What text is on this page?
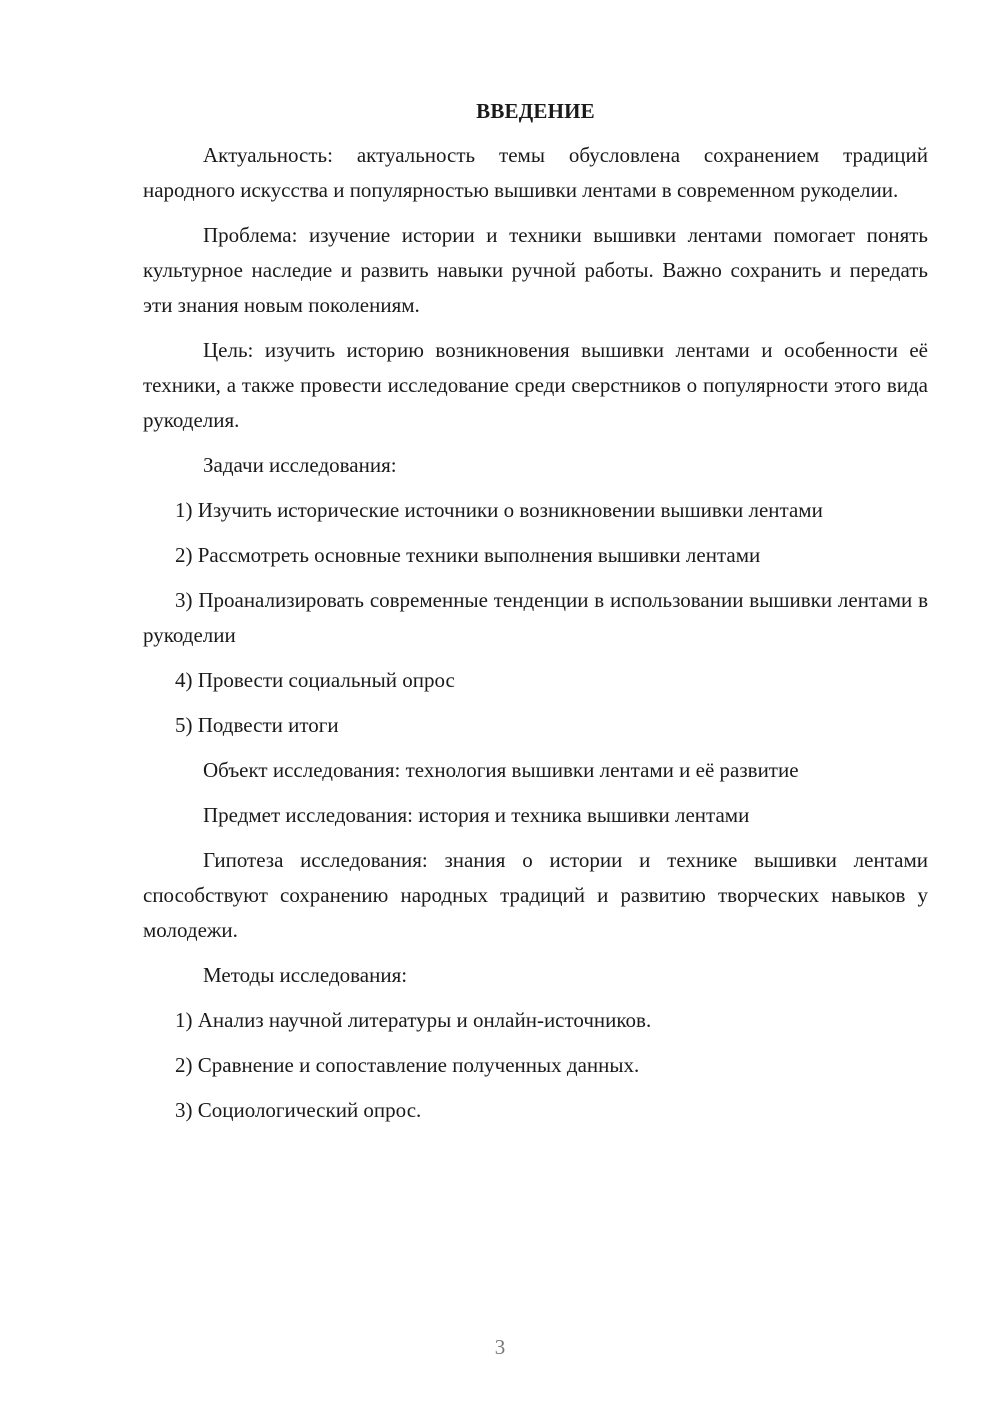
ВВЕДЕНИЕ

Актуальность: актуальность темы обусловлена сохранением традиций народного искусства и популярностью вышивки лентами в современном рукоделии.

Проблема: изучение истории и техники вышивки лентами помогает понять культурное наследие и развить навыки ручной работы. Важно сохранить и передать эти знания новым поколениям.

Цель: изучить историю возникновения вышивки лентами и особенности её техники, а также провести исследование среди сверстников о популярности этого вида рукоделия.

Задачи исследования:

1) Изучить исторические источники о возникновении вышивки лентами

2) Рассмотреть основные техники выполнения вышивки лентами

3) Проанализировать современные тенденции в использовании вышивки лентами в рукоделии

4) Провести социальный опрос

5) Подвести итоги

Объект исследования: технология вышивки лентами и её развитие

Предмет исследования: история и техника вышивки лентами

Гипотеза исследования: знания о истории и технике вышивки лентами способствуют сохранению народных традиций и развитию творческих навыков у молодежи.

Методы исследования:

1) Анализ научной литературы и онлайн-источников.

2) Сравнение и сопоставление полученных данных.

3) Социологический опрос.

3
